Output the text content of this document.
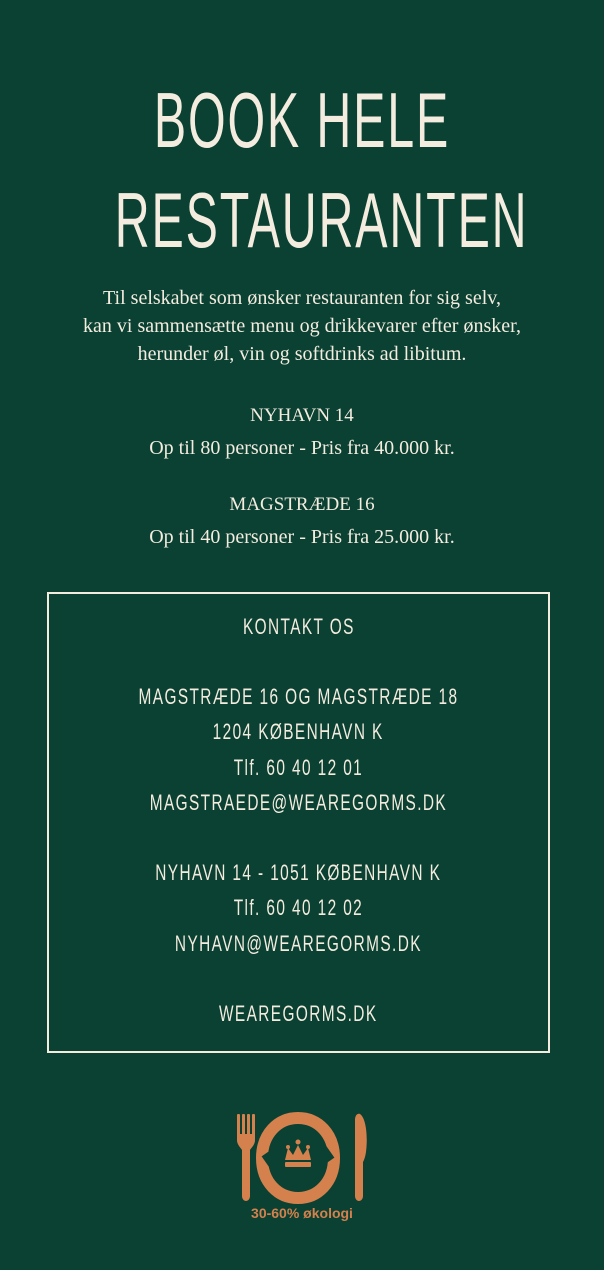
BOOK HELE
RESTAURANTEN
Til selskabet som ønsker restauranten for sig selv,
kan vi sammensætte menu og drikkevarer efter ønsker,
herunder øl, vin og softdrinks ad libitum.
NYHAVN 14
Op til 80 personer - Pris fra 40.000 kr.
MAGSTRÆDE 16
Op til 40 personer - Pris fra 25.000 kr.
KONTAKT OS
MAGSTRÆDE 16 OG MAGSTRÆDE 18
1204 KØBENHAVN K
Tlf. 60 40 12 01
MAGSTRAEDE@WEAREGORMS.DK
NYHAVN 14 - 1051 KØBENHAVN K
Tlf. 60 40 12 02
NYHAVN@WEAREGORMS.DK
WEAREGORMS.DK
30-60% økologi
